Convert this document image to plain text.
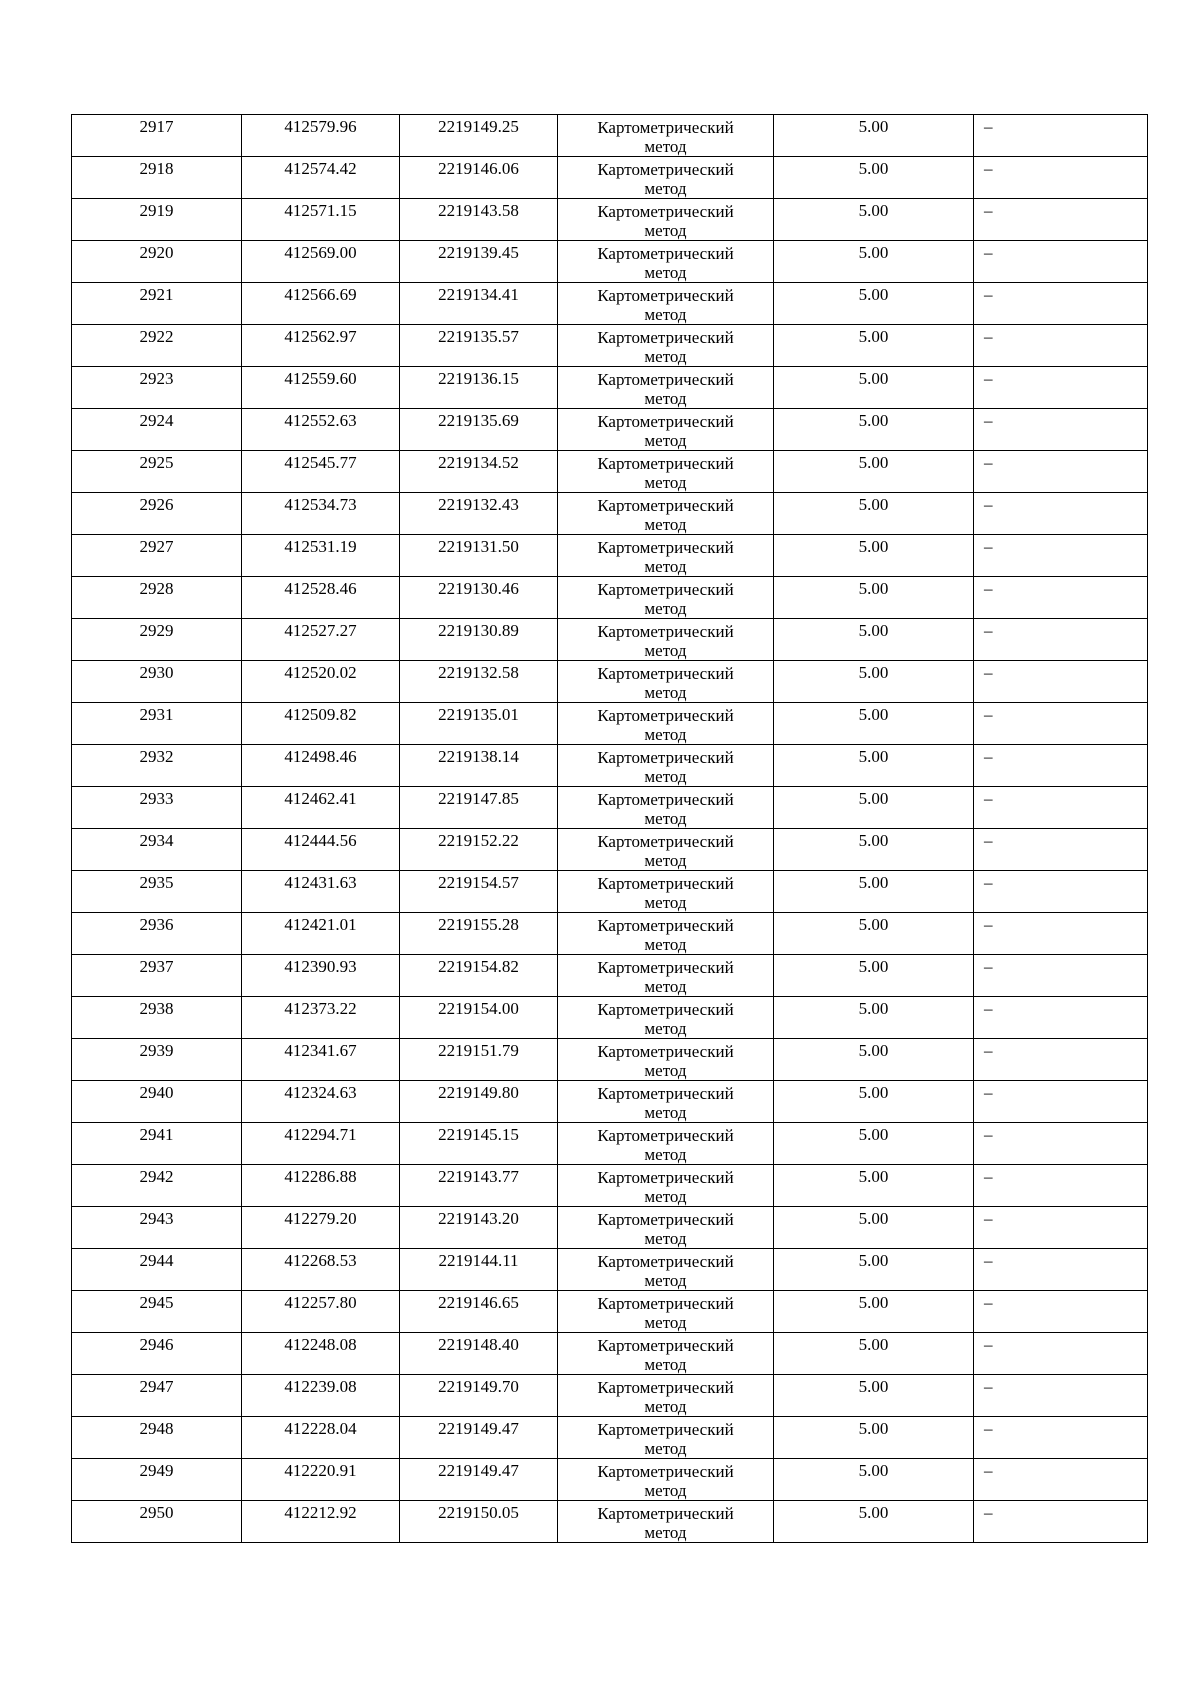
2917	412579.96	2219149.25	Картометрический
метод	5.00	–

2918	412574.42	2219146.06	Картометрический
метод	5.00	–

2919	412571.15	2219143.58	Картометрический
метод	5.00	–

2920	412569.00	2219139.45	Картометрический
метод	5.00	–

2921	412566.69	2219134.41	Картометрический
метод	5.00	–

2922	412562.97	2219135.57	Картометрический
метод	5.00	–

2923	412559.60	2219136.15	Картометрический
метод	5.00	–

2924	412552.63	2219135.69	Картометрический
метод	5.00	–

2925	412545.77	2219134.52	Картометрический
метод	5.00	–

2926	412534.73	2219132.43	Картометрический
метод	5.00	–

2927	412531.19	2219131.50	Картометрический
метод	5.00	–

2928	412528.46	2219130.46	Картометрический
метод	5.00	–

2929	412527.27	2219130.89	Картометрический
метод	5.00	–

2930	412520.02	2219132.58	Картометрический
метод	5.00	–

2931	412509.82	2219135.01	Картометрический
метод	5.00	–

2932	412498.46	2219138.14	Картометрический
метод	5.00	–

2933	412462.41	2219147.85	Картометрический
метод	5.00	–

2934	412444.56	2219152.22	Картометрический
метод	5.00	–

2935	412431.63	2219154.57	Картометрический
метод	5.00	–

2936	412421.01	2219155.28	Картометрический
метод	5.00	–

2937	412390.93	2219154.82	Картометрический
метод	5.00	–

2938	412373.22	2219154.00	Картометрический
метод	5.00	–

2939	412341.67	2219151.79	Картометрический
метод	5.00	–

2940	412324.63	2219149.80	Картометрический
метод	5.00	–

2941	412294.71	2219145.15	Картометрический
метод	5.00	–

2942	412286.88	2219143.77	Картометрический
метод	5.00	–

2943	412279.20	2219143.20	Картометрический
метод	5.00	–

2944	412268.53	2219144.11	Картометрический
метод	5.00	–

2945	412257.80	2219146.65	Картометрический
метод	5.00	–

2946	412248.08	2219148.40	Картометрический
метод	5.00	–

2947	412239.08	2219149.70	Картометрический
метод	5.00	–

2948	412228.04	2219149.47	Картометрический
метод	5.00	–

2949	412220.91	2219149.47	Картометрический
метод	5.00	–

2950	412212.92	2219150.05	Картометрический
метод	5.00	–
